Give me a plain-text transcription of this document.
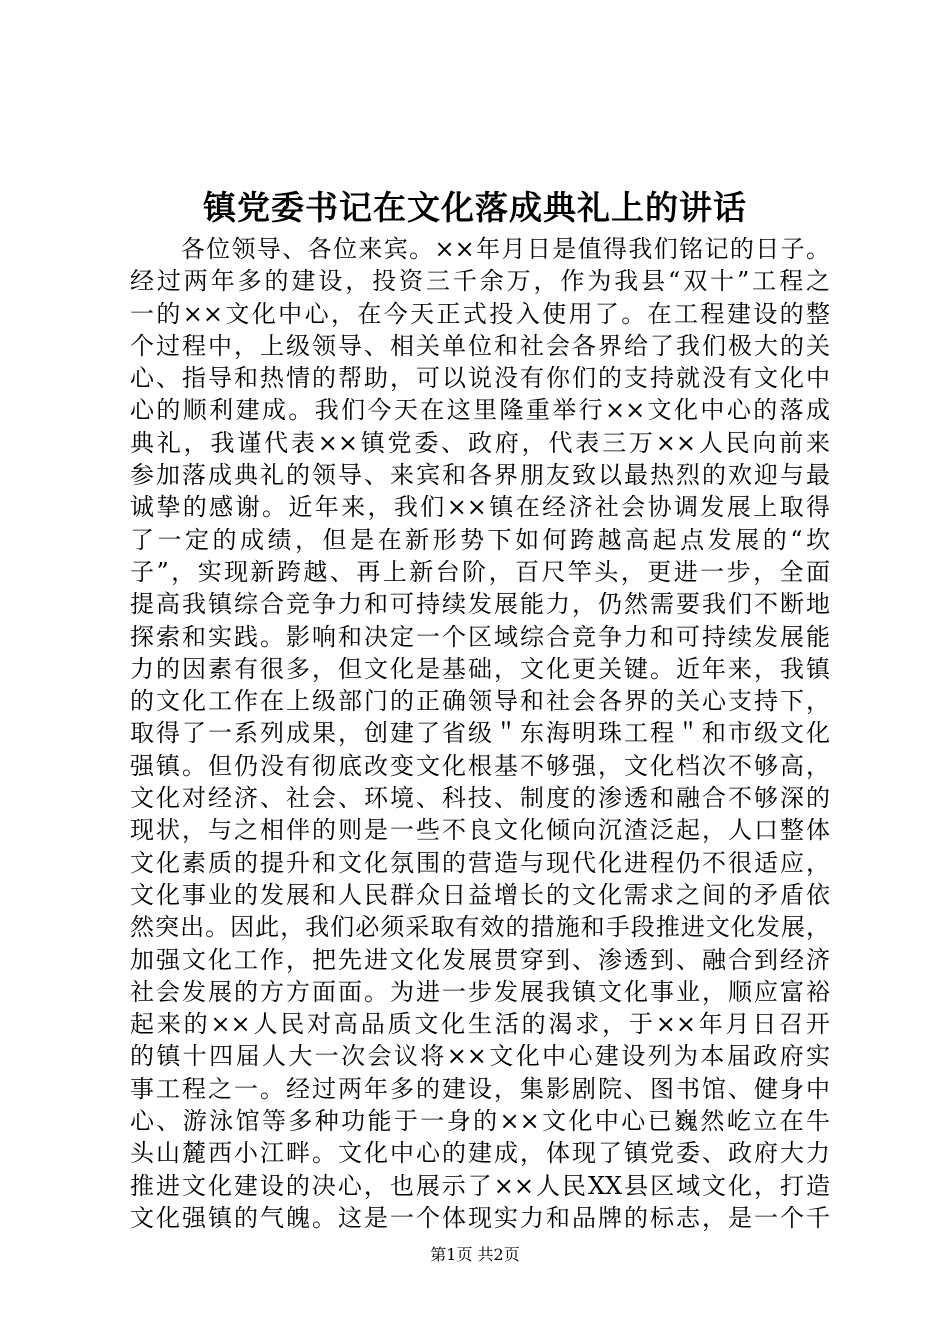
镇党委书记在文化落成典礼上的讲话
　　各位领导、各位来宾。××年月日是值得我们铭记的日子。
经过两年多的建设，投资三千余万，作为我县“双十”工程之
一的××文化中心，在今天正式投入使用了。在工程建设的整
个过程中，上级领导、相关单位和社会各界给了我们极大的关
心、指导和热情的帮助，可以说没有你们的支持就没有文化中
心的顺利建成。我们今天在这里隆重举行××文化中心的落成
典礼，我谨代表××镇党委、政府，代表三万××人民向前来
参加落成典礼的领导、来宾和各界朋友致以最热烈的欢迎与最
诚挚的感谢。近年来，我们××镇在经济社会协调发展上取得
了一定的成绩，但是在新形势下如何跨越高起点发展的“坎
子”，实现新跨越、再上新台阶，百尺竿头，更进一步，全面
提高我镇综合竞争力和可持续发展能力，仍然需要我们不断地
探索和实践。影响和决定一个区域综合竞争力和可持续发展能
力的因素有很多，但文化是基础，文化更关键。近年来，我镇
的文化工作在上级部门的正确领导和社会各界的关心支持下，
取得了一系列成果，创建了省级＂东海明珠工程＂和市级文化
强镇。但仍没有彻底改变文化根基不够强，文化档次不够高，
文化对经济、社会、环境、科技、制度的渗透和融合不够深的
现状，与之相伴的则是一些不良文化倾向沉渣泛起，人口整体
文化素质的提升和文化氛围的营造与现代化进程仍不很适应，
文化事业的发展和人民群众日益增长的文化需求之间的矛盾依
然突出。因此，我们必须采取有效的措施和手段推进文化发展，
加强文化工作，把先进文化发展贯穿到、渗透到、融合到经济
社会发展的方方面面。为进一步发展我镇文化事业，顺应富裕
起来的××人民对高品质文化生活的渴求，于××年月日召开
的镇十四届人大一次会议将××文化中心建设列为本届政府实
事工程之一。经过两年多的建设，集影剧院、图书馆、健身中
心、游泳馆等多种功能于一身的××文化中心已巍然屹立在牛
头山麓西小江畔。文化中心的建成，体现了镇党委、政府大力
推进文化建设的决心，也展示了××人民XX县区域文化，打造
文化强镇的气魄。这是一个体现实力和品牌的标志，是一个千
第1页 共2页
